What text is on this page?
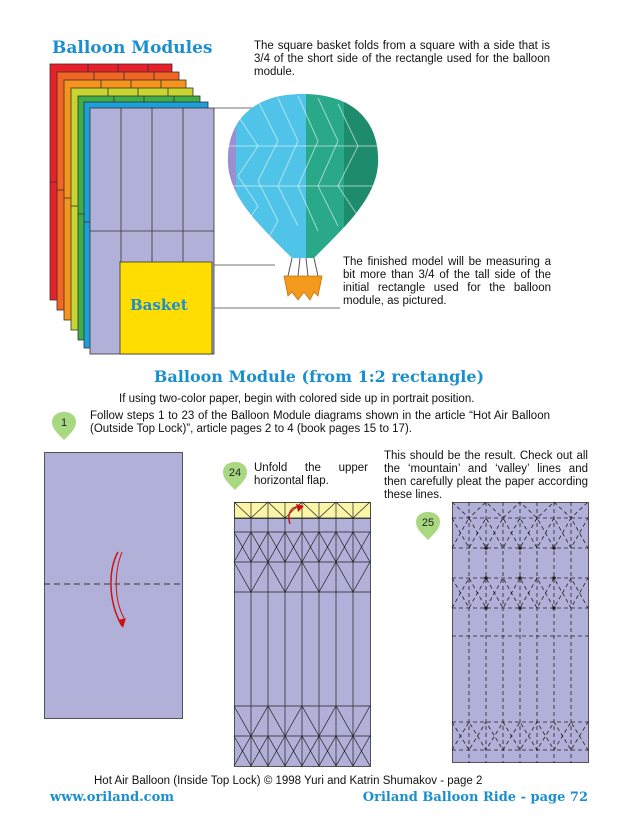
Balloon Modules	The square basket folds from a square with a side that is 3/4 of the short side of the rectangle used for the balloon module.
Basket
The finished model will be measuring a bit more than 3/4 of the tall side of the initial rectangle used for the balloon module, as pictured.
Balloon Module (from 1:2 rectangle)
If using two-color paper, begin with colored side up in portrait position.
1
Follow steps 1 to 23 of the Balloon Module diagrams shown in the article “Hot Air Balloon (Outside Top Lock)”, article pages 2 to 4 (book pages 15 to 17).
24	Unfold the upper horizontal flap.
This should be the result. Check out all the ‘mountain’ and ‘valley’ lines and then carefully pleat the paper according these lines.
25
Hot Air Balloon (Inside Top Lock) © 1998 Yuri and Katrin Shumakov - page 2
www.oriland.com	Oriland Balloon Ride - page 72
